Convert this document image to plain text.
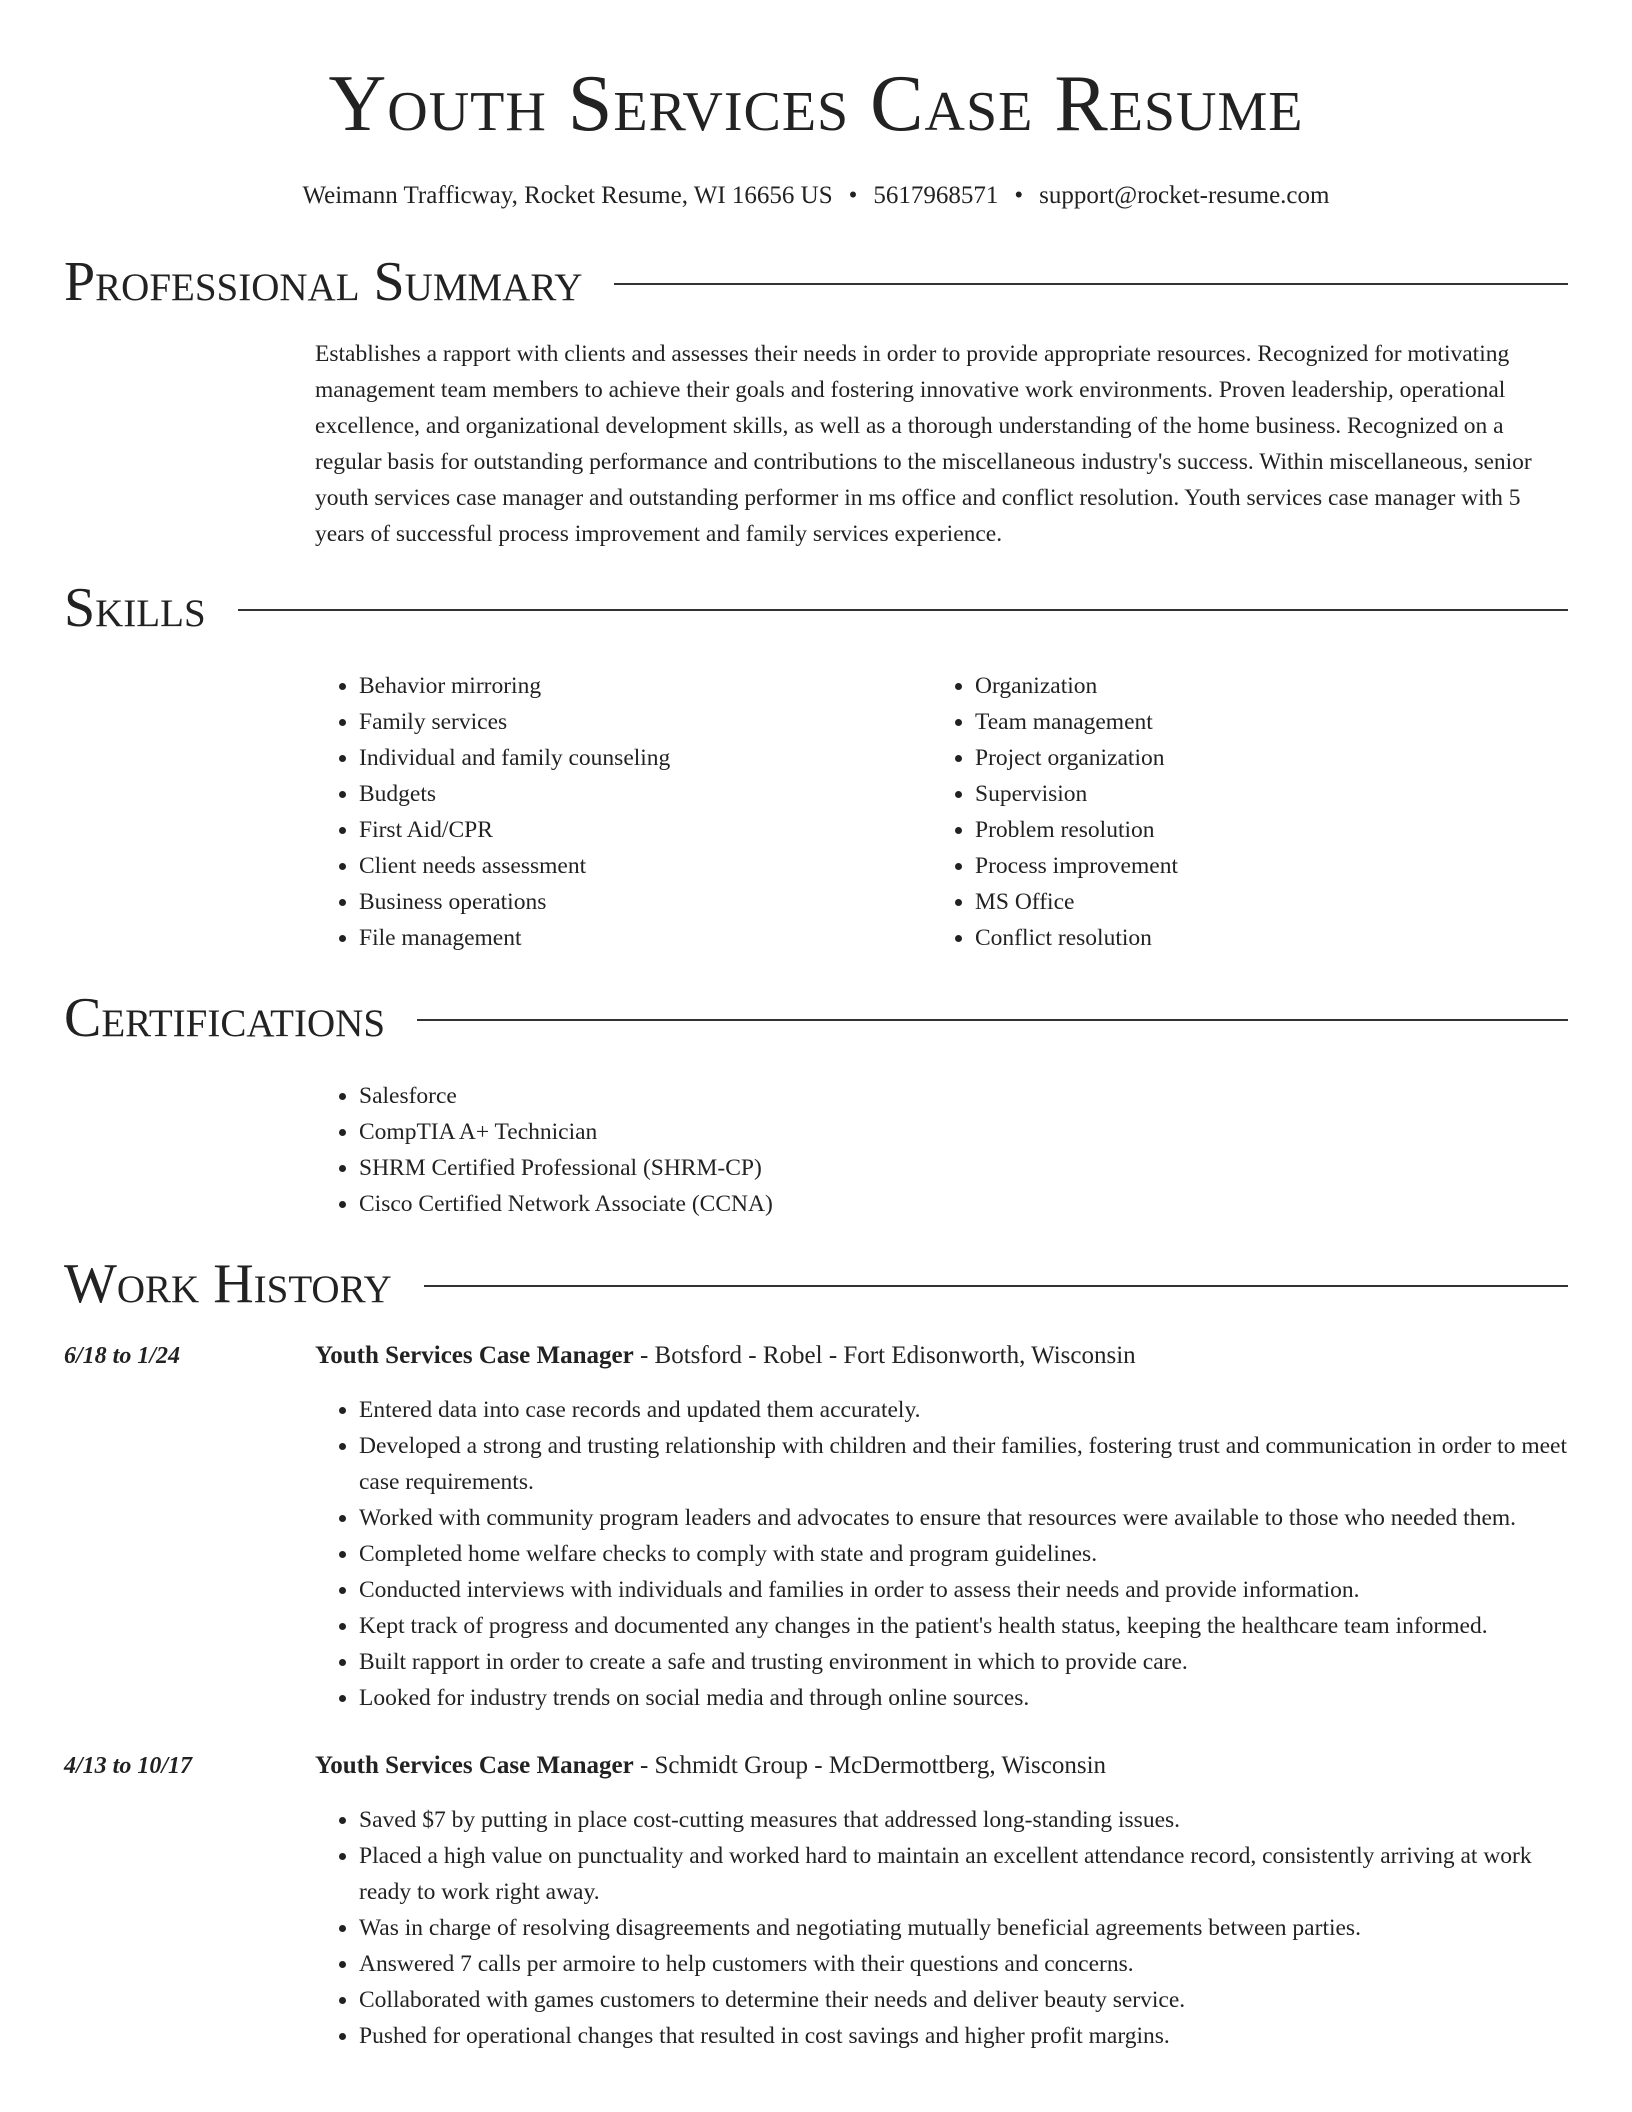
Youth Services Case Resume
Weimann Trafficway, Rocket Resume, WI 16656 US • 5617968571 • support@rocket-resume.com
Professional Summary

Establishes a rapport with clients and assesses their needs in order to provide appropriate resources. Recognized for motivating management team members to achieve their goals and fostering innovative work environments. Proven leadership, operational excellence, and organizational development skills, as well as a thorough understanding of the home business. Recognized on a regular basis for outstanding performance and contributions to the miscellaneous industry's success. Within miscellaneous, senior youth services case manager and outstanding performer in ms office and conflict resolution. Youth services case manager with 5 years of successful process improvement and family services experience.

Skills
• Behavior mirroring
• Family services
• Individual and family counseling
• Budgets
• First Aid/CPR
• Client needs assessment
• Business operations
• File management
• Organization
• Team management
• Project organization
• Supervision
• Problem resolution
• Process improvement
• MS Office
• Conflict resolution
Certifications
• Salesforce
• CompTIA A+ Technician
• SHRM Certified Professional (SHRM-CP)
• Cisco Certified Network Associate (CCNA)
Work History
6/18 to 1/24	Youth Services Case Manager - Botsford - Robel - Fort Edisonworth, Wisconsin
• Entered data into case records and updated them accurately.
• Developed a strong and trusting relationship with children and their families, fostering trust and communication in order to meet case requirements.
• Worked with community program leaders and advocates to ensure that resources were available to those who needed them.
• Completed home welfare checks to comply with state and program guidelines.
• Conducted interviews with individuals and families in order to assess their needs and provide information.
• Kept track of progress and documented any changes in the patient's health status, keeping the healthcare team informed.
• Built rapport in order to create a safe and trusting environment in which to provide care.
• Looked for industry trends on social media and through online sources.
4/13 to 10/17	Youth Services Case Manager - Schmidt Group - McDermottberg, Wisconsin
• Saved $7 by putting in place cost-cutting measures that addressed long-standing issues.
• Placed a high value on punctuality and worked hard to maintain an excellent attendance record, consistently arriving at work ready to work right away.
• Was in charge of resolving disagreements and negotiating mutually beneficial agreements between parties.
• Answered 7 calls per armoire to help customers with their questions and concerns.
• Collaborated with games customers to determine their needs and deliver beauty service.
• Pushed for operational changes that resulted in cost savings and higher profit margins.
